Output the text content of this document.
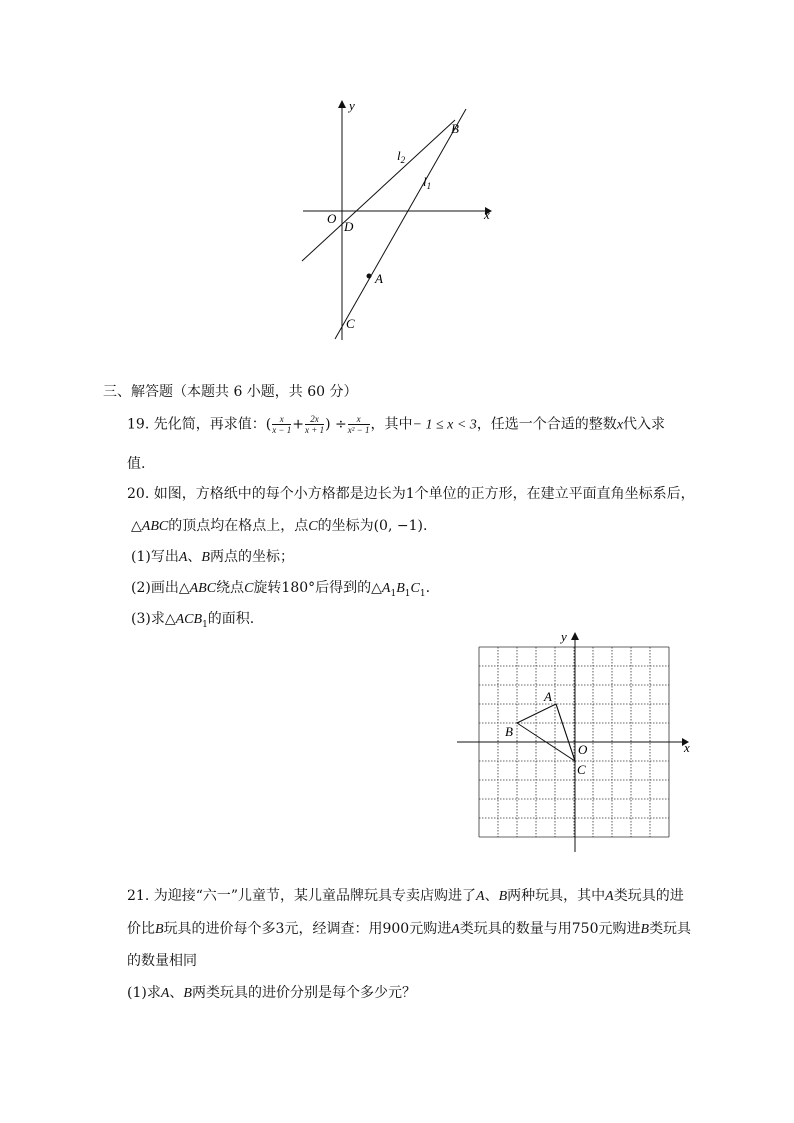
x
y
O
B
D
A
C
$l_2$
$l_1$
三、解答题（本题共 6 小题，共 60 分）
19. 先化简，再求值：( $\frac{x}{x - 1} + \frac{2x}{x + 1}$ ) ÷ $\frac{x}{\text{x² − 1}}$ ，其中− 1 ≤ x < 3，任选一个合适的整数x代入求
值.
20. 如图，方格纸中的每个小方格都是边长为1个单位的正方形，在建立平面直角坐标系后，
△ABC的顶点均在格点上，点C的坐标为(0, −1).
(1)写出A、B两点的坐标；
(2)画出△ABC绕点C旋转180°后得到的$\triangle A_1B_1C_1$.
(3)求$\triangle ACB_1$的面积.
x
y
O
A
B
C
21. 为迎接“六一”儿童节，某儿童品牌玩具专卖店购进了A、B两种玩具，其中A类玩具的进
价比B玩具的进价每个多3元，经调查：用900元购进A类玩具的数量与用750元购进B类玩具
的数量相同
(1)求A、B两类玩具的进价分别是每个多少元？
